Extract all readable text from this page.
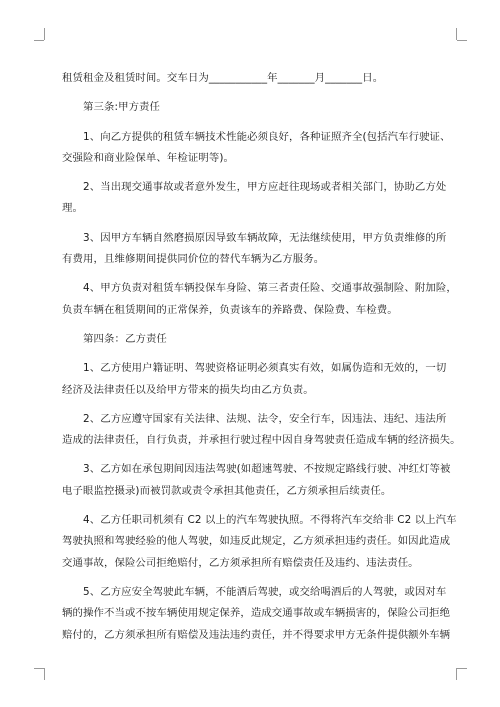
租赁租金及租赁时间。交车日为___________年_______月_______日。
第三条:甲方责任
1、向乙方提供的租赁车辆技术性能必须良好，各种证照齐全(包括汽车行驶证、
交强险和商业险保单、年检证明等)。
2、当出现交通事故或者意外发生，甲方应赶往现场或者相关部门，协助乙方处
理。
3、因甲方车辆自然磨损原因导致车辆故障，无法继续使用，甲方负责维修的所
有费用，且维修期间提供同价位的替代车辆为乙方服务。
4、甲方负责对租赁车辆投保车身险、第三者责任险、交通事故强制险、附加险，
负责车辆在租赁期间的正常保养，负责该车的养路费、保险费、车检费。
第四条：乙方责任
1、乙方使用户籍证明、驾驶资格证明必须真实有效，如属伪造和无效的，一切
经济及法律责任以及给甲方带来的损失均由乙方负责。
2、乙方应遵守国家有关法律、法规、法令，安全行车，因违法、违纪、违法所
造成的法律责任，自行负责，并承担行驶过程中因自身驾驶责任造成车辆的经济损失。
3、乙方如在承包期间因违法驾驶(如超速驾驶、不按规定路线行驶、冲红灯等被
电子眼监控摄录)而被罚款或责令承担其他责任，乙方须承担后续责任。
4、乙方任职司机须有 C2 以上的汽车驾驶执照。不得将汽车交给非 C2 以上汽车
驾驶执照和驾驶经验的他人驾驶，如违反此规定，乙方须承担违约责任。如因此造成
交通事故，保险公司拒绝赔付，乙方须承担所有赔偿责任及违约、违法责任。
5、乙方应安全驾驶此车辆，不能酒后驾驶，或交给喝酒后的人驾驶，或因对车
辆的操作不当或不按车辆使用规定保养，造成交通事故或车辆损害的，保险公司拒绝
赔付的，乙方须承担所有赔偿及违法违约责任，并不得要求甲方无条件提供额外车辆
